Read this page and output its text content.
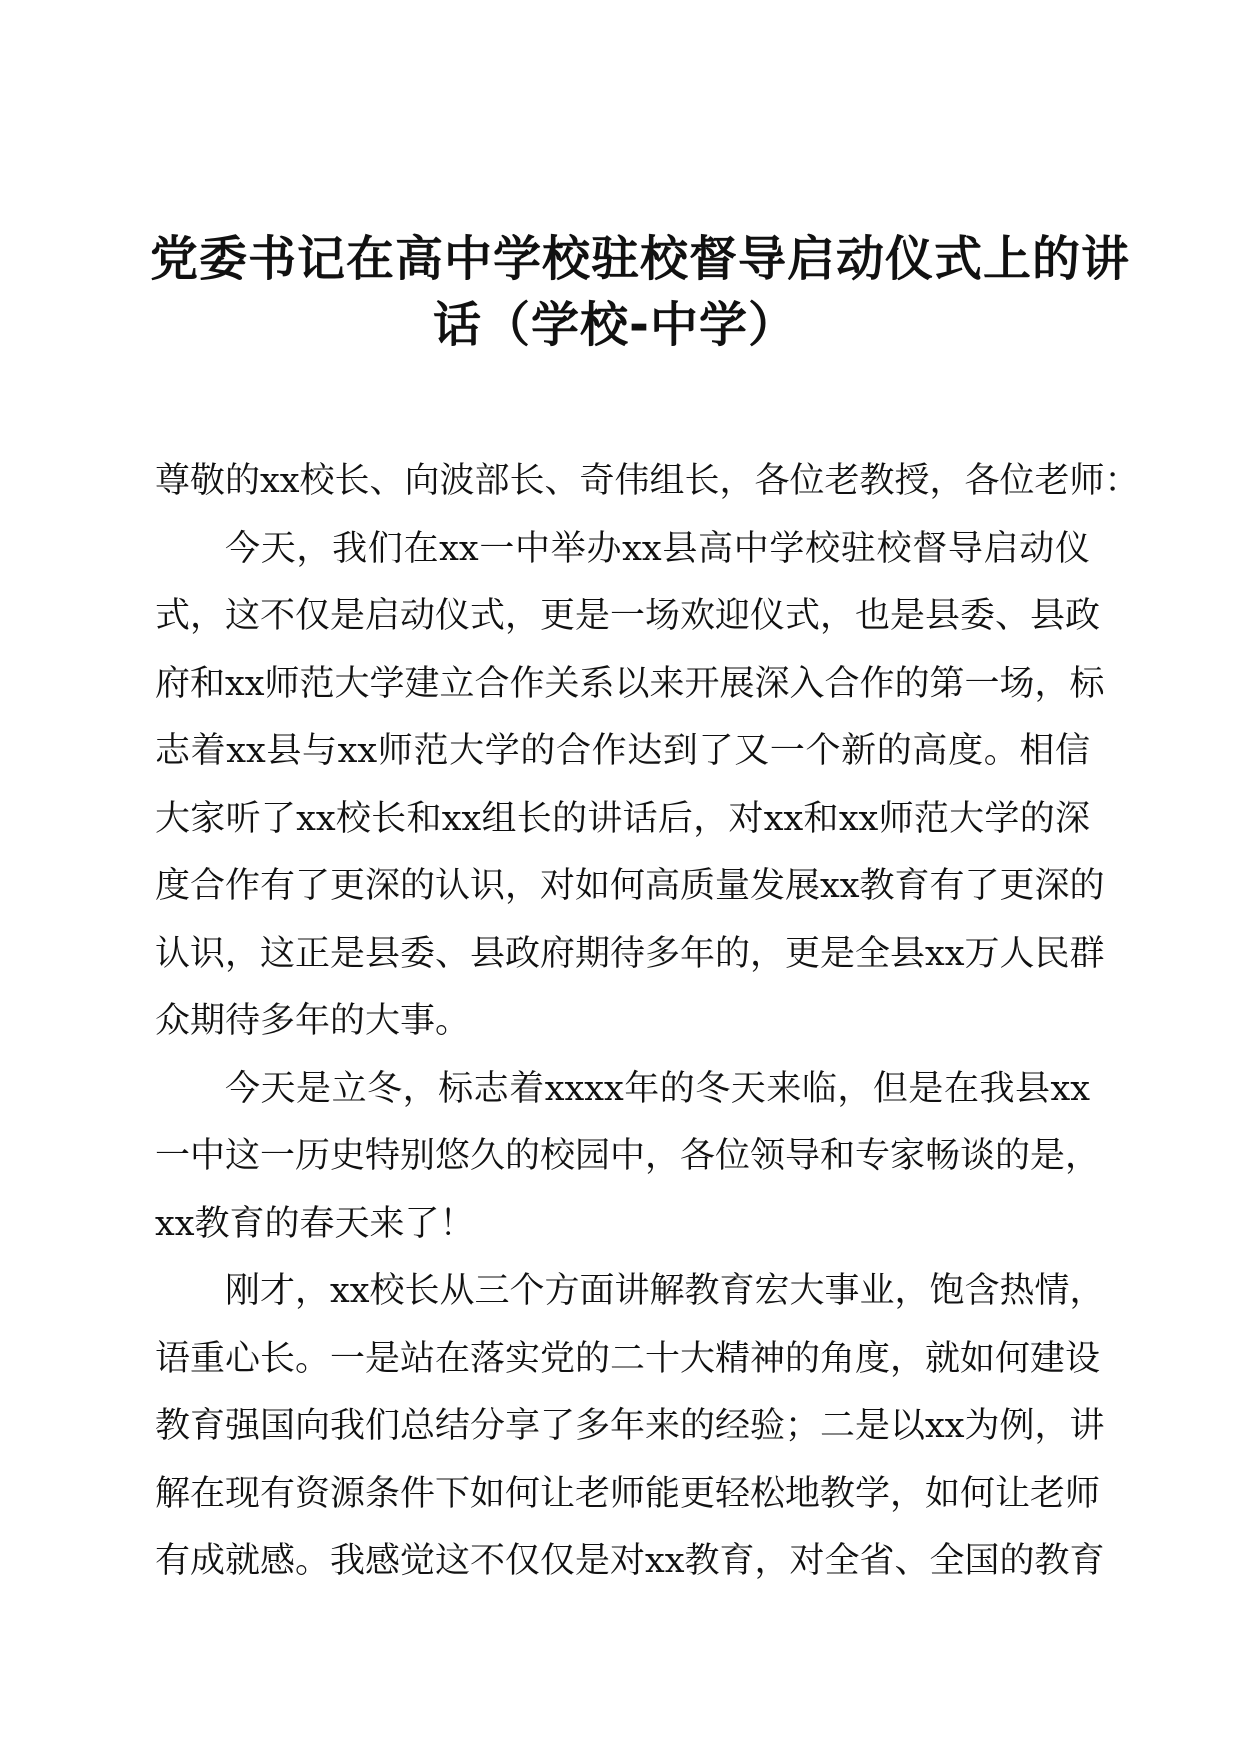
党委书记在高中学校驻校督导启动仪式上的讲
话（学校-中学）
尊敬的xx校长、向波部长、奇伟组长，各位老教授，各位老师：
今天，我们在xx一中举办xx县高中学校驻校督导启动仪
式，这不仅是启动仪式，更是一场欢迎仪式，也是县委、县政
府和xx师范大学建立合作关系以来开展深入合作的第一场，标
志着xx县与xx师范大学的合作达到了又一个新的高度。相信
大家听了xx校长和xx组长的讲话后，对xx和xx师范大学的深
度合作有了更深的认识，对如何高质量发展xx教育有了更深的
认识，这正是县委、县政府期待多年的，更是全县xx万人民群
众期待多年的大事。
今天是立冬，标志着xxxx年的冬天来临，但是在我县xx
一中这一历史特别悠久的校园中，各位领导和专家畅谈的是，
xx教育的春天来了！
刚才，xx校长从三个方面讲解教育宏大事业，饱含热情，
语重心长。一是站在落实党的二十大精神的角度，就如何建设
教育强国向我们总结分享了多年来的经验；二是以xx为例，讲
解在现有资源条件下如何让老师能更轻松地教学，如何让老师
有成就感。我感觉这不仅仅是对xx教育，对全省、全国的教育
